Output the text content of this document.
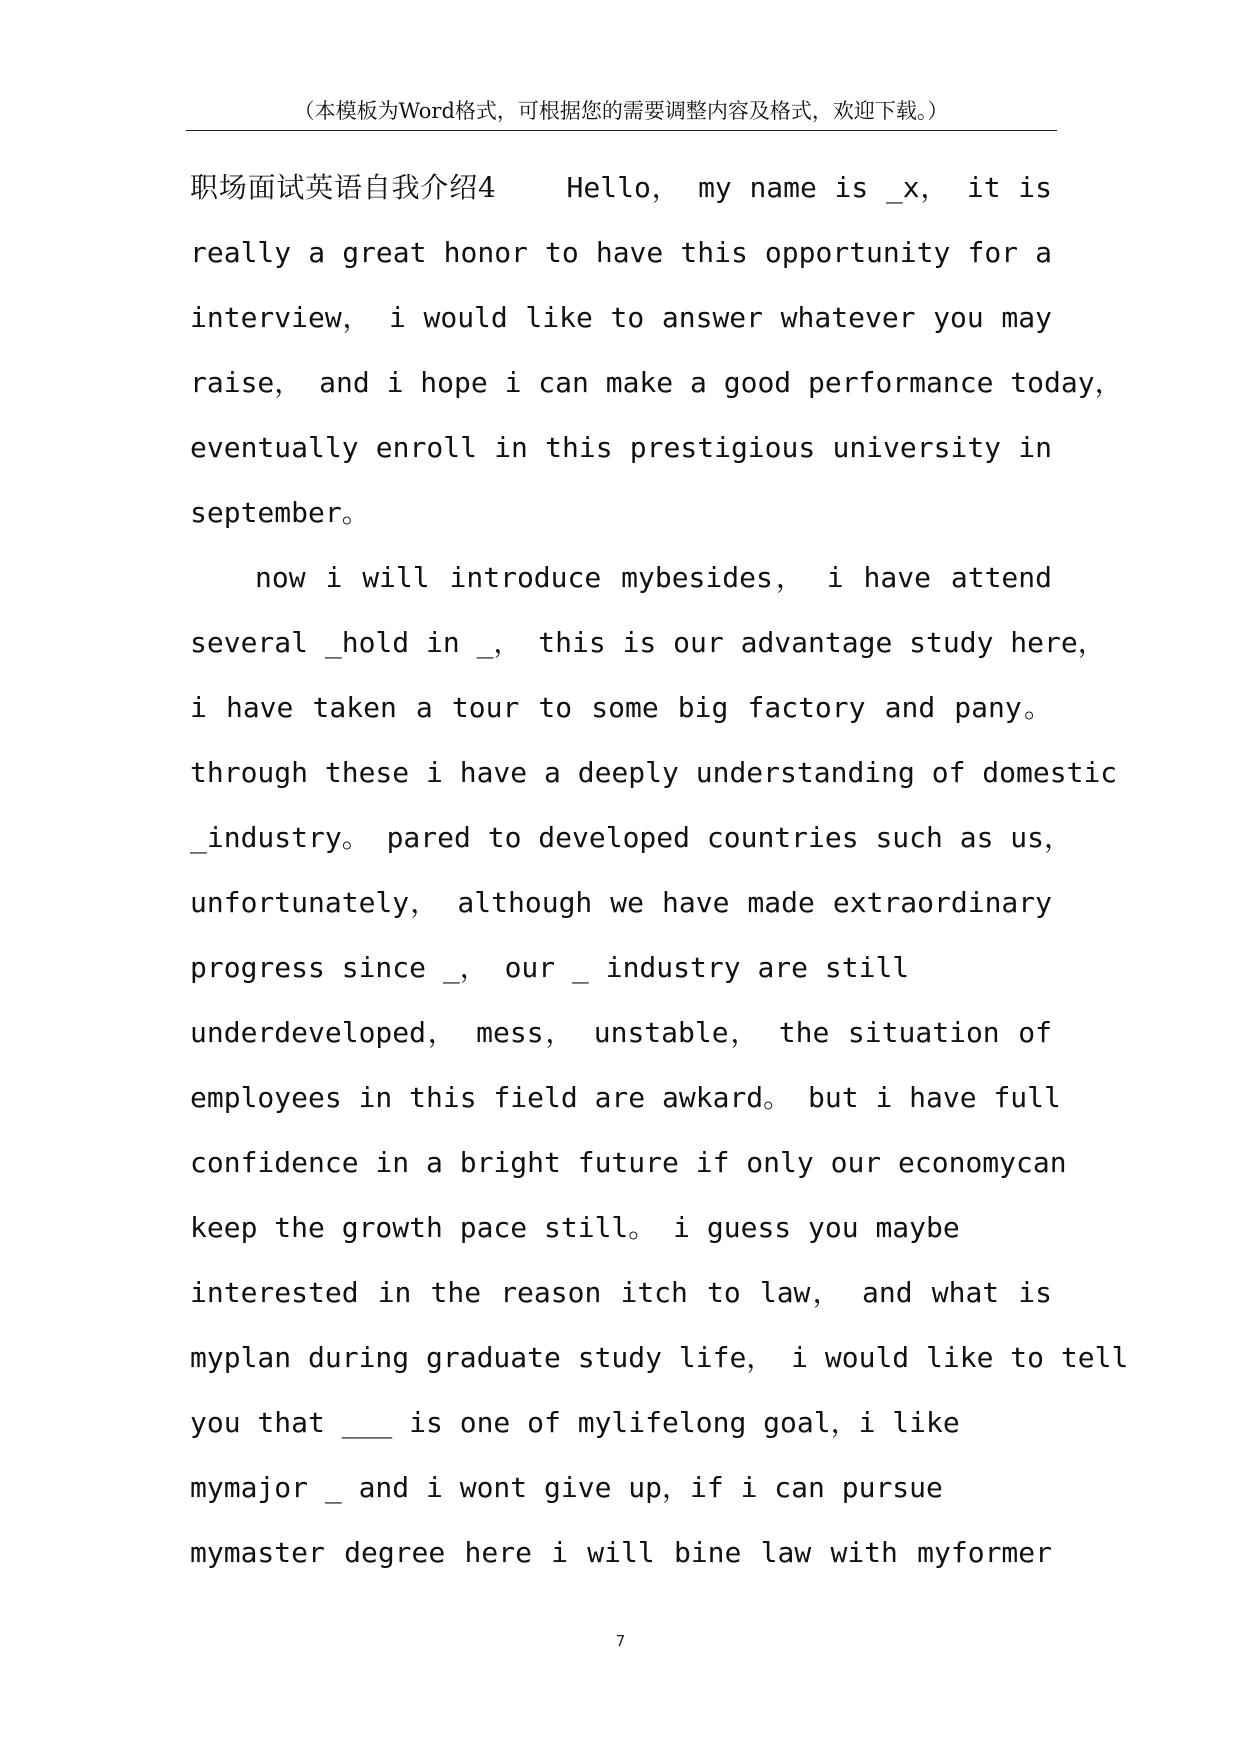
（本模板为Word格式，可根据您的需要调整内容及格式，欢迎下载。）
职场面试英语自我介绍4	Hello， my name is _x， it is
really a great honor to have this opportunity for a
interview， i would like to answer whatever you may
raise， and i hope i can make a good performance today，
eventually enroll in this prestigious university in
september。
now i will introduce mybesides， i have attend
several _hold in _， this is our advantage study here，
i have taken a tour to some big factory and pany。
through these i have a deeply understanding of domestic
_industry。 pared to developed countries such as us，
unfortunately， although we have made extraordinary
progress since _， our _ industry are still
underdeveloped， mess， unstable， the situation of
employees in this field are awkard。 but i have full
confidence in a bright future if only our economycan
keep the growth pace still。 i guess you maybe
interested in the reason itch to law， and what is
myplan during graduate study life， i would like to tell
you that ___ is one of mylifelong goal，i like
mymajor _ and i wont give up，if i can pursue
mymaster degree here i will bine law with myformer
7
